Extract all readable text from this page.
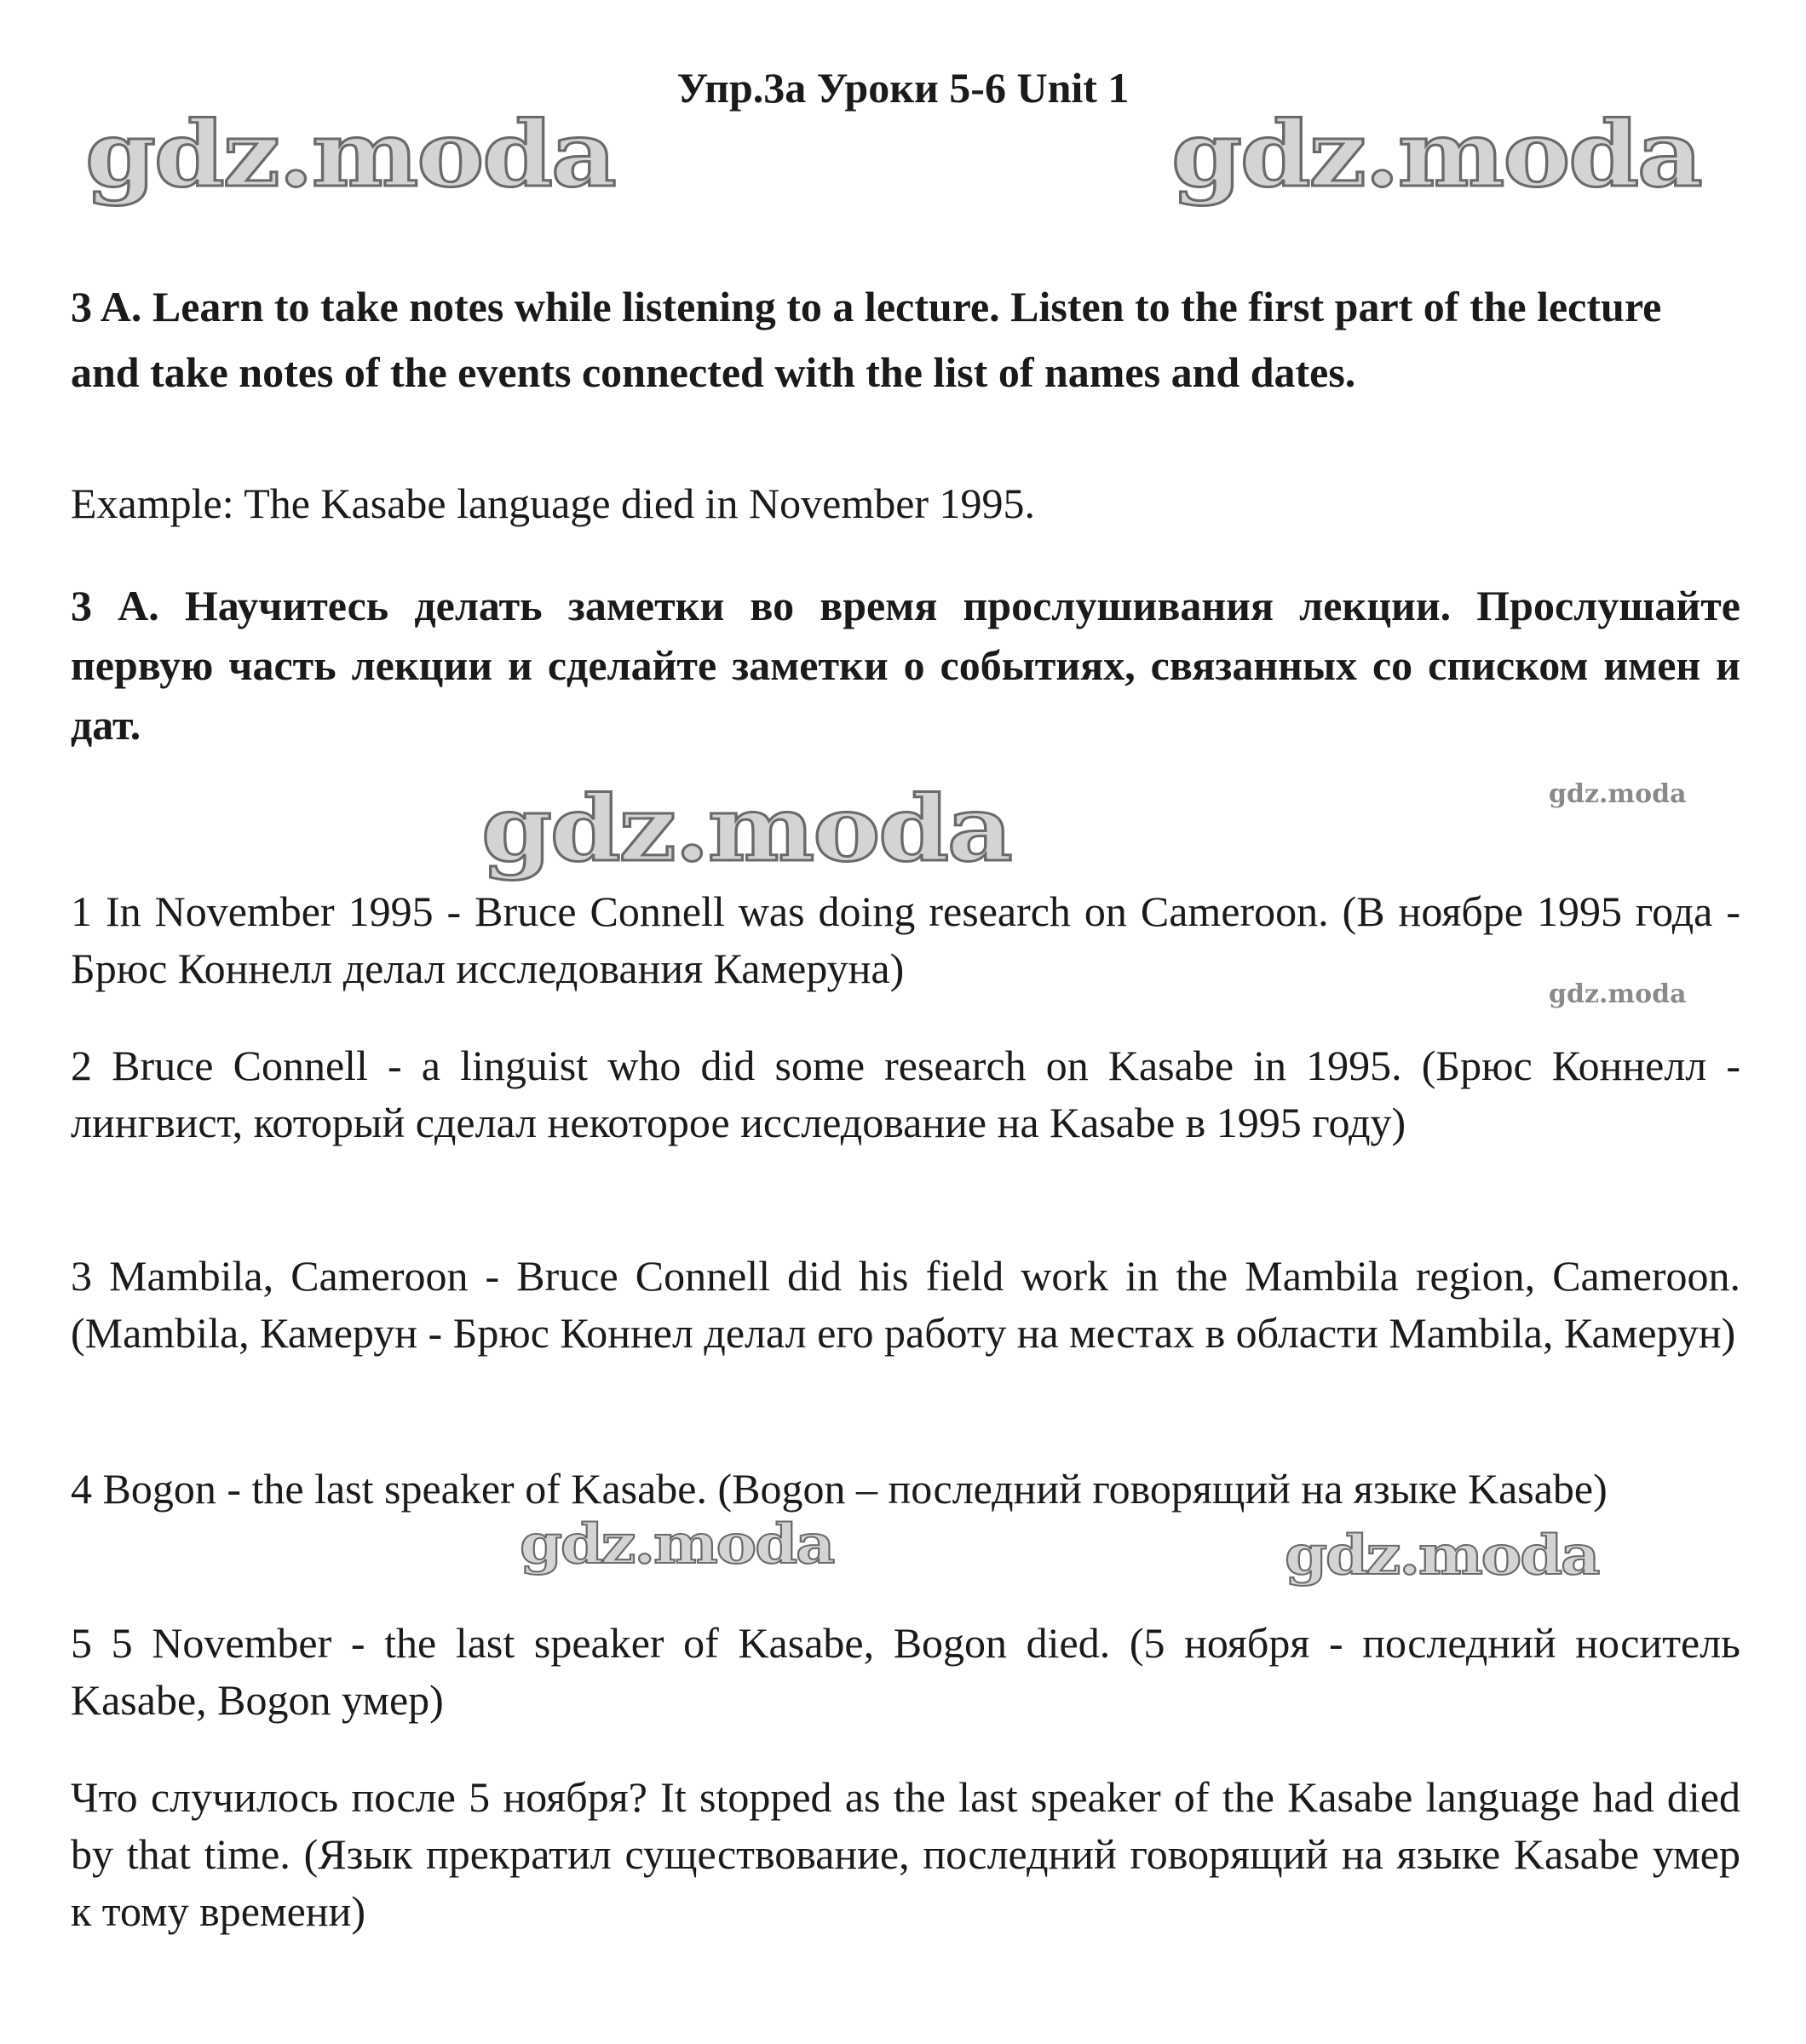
Упр.3а Уроки 5-6 Unit 1
gdz.moda	gdz.moda
3 A. Learn to take notes while listening to a lecture. Listen to the first part of the lecture and take notes of the events connected with the list of names and dates.
Example: The Kasabe language died in November 1995.
3 А. Научитесь делать заметки во время прослушивания лекции. Прослушайте первую часть лекции и сделайте заметки о событиях, связанных со списком имен и дат.
gdz.moda	gdz.moda
1 In November 1995 - Bruce Connell was doing research on Cameroon. (В ноябре 1995 года - Брюс Коннелл делал исследования Камеруна)
gdz.moda
2 Bruce Connell - a linguist who did some research on Kasabe in 1995. (Брюс Коннелл - лингвист, который сделал некоторое исследование на Kasabe в 1995 году)
3 Mambila, Cameroon - Bruce Connell did his field work in the Mambila region, Cameroon. (Mambila, Камерун - Брюс Коннел делал его работу на местах в области Mambila, Камерун)
4 Bogon - the last speaker of Kasabe. (Bogon – последний говорящий на языке Kasabe)
gdz.moda	gdz.moda
5 5 November - the last speaker of Kasabe, Bogon died. (5 ноября - последний носитель Kasabe, Bogon умер)
Что случилось после 5 ноября? It stopped as the last speaker of the Kasabe language had died by that time. (Язык прекратил существование, последний говорящий на языке Kasabe умер к тому времени)
